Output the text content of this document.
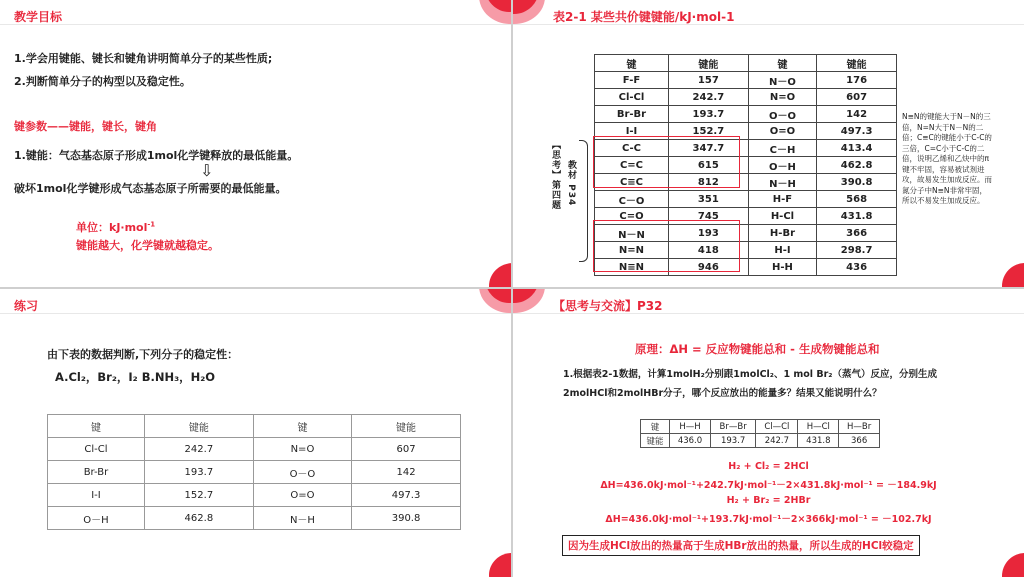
教学目标
1.学会用键能、键长和键角讲明简单分子的某些性质;
2.判断简单分子的构型以及稳定性。
键参数——键能，键长，键角
1.键能：气态基态原子形成1mol化学键释放的最低能量。
⇩
破坏1mol化学键形成气态基态原子所需要的最低能量。
单位：kJ·mol$^{-1}$
键能越大，化学键就越稳定。
表2-1 某些共价键键能/kJ·mol-1
键	键能	键	键能
F-F	157	N－O	176
Cl-Cl	242.7	N=O	607
Br-Br	193.7	O－O	142
I-I	152.7	O=O	497.3
C-C	347.7	C－H	413.4
C=C	615	O－H	462.8
C≡C	812	N－H	390.8
C－O	351	H-F	568
C=O	745	H-Cl	431.8
N－N	193	H-Br	366
N=N	418	H-I	298.7
N≡N	946	H-H	436
【思考】第四题 教材 P34
N≡N的键能大于N－N的三倍，N=N大于N－N的二倍；C≡C的键能小于C-C的三倍，C=C小于C-C的二倍，说明乙烯和乙炔中的π键不牢固，容易被试剂进攻，故易发生加成反应。而氮分子中N≡N非常牢固，所以不易发生加成反应。
练习
由下表的数据判断,下列分子的稳定性：
A.Cl₂，Br₂，I₂ B.NH₃，H₂O
键	键能	键	键能
Cl-Cl	242.7	N=O	607
Br-Br	193.7	O－O	142
I-I	152.7	O=O	497.3
O－H	462.8	N－H	390.8
【思考与交流】P32
原理：ΔH = 反应物键能总和 - 生成物键能总和
1.根据表2-1数据，计算1molH₂分别跟1molCl₂、1 mol Br₂（蒸气）反应，分别生成
2molHCl和2molHBr分子，哪个反应放出的能量多？结果又能说明什么？
键	H—H	Br—Br	Cl—Cl	H—Cl	H—Br
键能	436.0	193.7	242.7	431.8	366
H₂ + Cl₂ = 2HCl
ΔH=436.0kJ·mol⁻¹+242.7kJ·mol⁻¹－2×431.8kJ·mol⁻¹ = －184.9kJ
H₂ + Br₂ = 2HBr
ΔH=436.0kJ·mol⁻¹+193.7kJ·mol⁻¹－2×366kJ·mol⁻¹ = －102.7kJ
因为生成HCl放出的热量高于生成HBr放出的热量，所以生成的HCl较稳定
